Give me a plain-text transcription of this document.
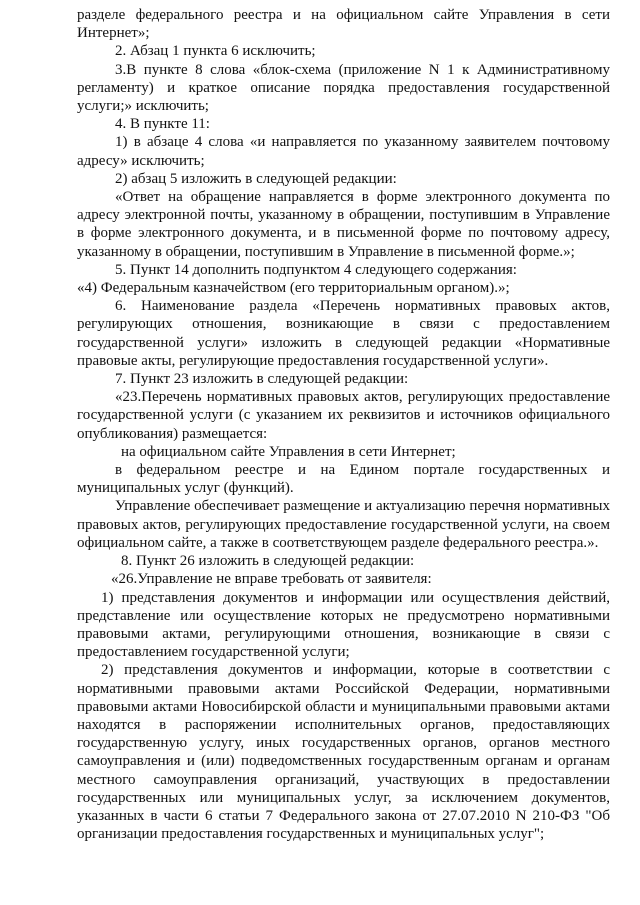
разделе федерального реестра и на официальном сайте Управления в сети Интернет»;

2. Абзац 1 пункта 6 исключить;

3.В пункте 8 слова «блок-схема (приложение N 1 к Административному регламенту) и краткое описание порядка предоставления государственной услуги;» исключить;

4. В пункте 11:

1) в абзаце 4 слова «и направляется по указанному заявителем почтовому адресу» исключить;

2) абзац 5 изложить в следующей редакции:

«Ответ на обращение направляется в форме электронного документа по адресу электронной почты, указанному в обращении, поступившим в Управление в форме электронного документа, и в письменной форме по почтовому адресу, указанному в обращении, поступившим в Управление в письменной форме.»;

5. Пункт 14 дополнить подпунктом 4 следующего содержания:

«4) Федеральным казначейством (его территориальным органом).»;

6. Наименование раздела «Перечень нормативных правовых актов, регулирующих отношения, возникающие в связи с предоставлением государственной услуги» изложить в следующей редакции «Нормативные правовые акты, регулирующие предоставления государственной услуги».

7. Пункт 23 изложить в следующей редакции:

«23.Перечень нормативных правовых актов, регулирующих предоставление государственной услуги (с указанием их реквизитов и источников официального опубликования) размещается:

на официальном сайте Управления в сети Интернет;

в федеральном реестре и на Едином портале государственных и муниципальных услуг (функций).

Управление обеспечивает размещение и актуализацию перечня нормативных правовых актов, регулирующих предоставление государственной услуги, на своем официальном сайте, а также в соответствующем разделе федерального реестра.».

8. Пункт 26 изложить в следующей редакции:

«26.Управление не вправе требовать от заявителя:

1) представления документов и информации или осуществления действий, представление или осуществление которых не предусмотрено нормативными правовыми актами, регулирующими отношения, возникающие в связи с предоставлением государственной услуги;

2) представления документов и информации, которые в соответствии с нормативными правовыми актами Российской Федерации, нормативными правовыми актами Новосибирской области и муниципальными правовыми актами находятся в распоряжении исполнительных органов, предоставляющих государственную услугу, иных государственных органов, органов местного самоуправления и (или) подведомственных государственным органам и органам местного самоуправления организаций, участвующих в предоставлении государственных или муниципальных услуг, за исключением документов, указанных в части 6 статьи 7 Федерального закона от 27.07.2010 N 210-ФЗ "Об организации предоставления государственных и муниципальных услуг";
